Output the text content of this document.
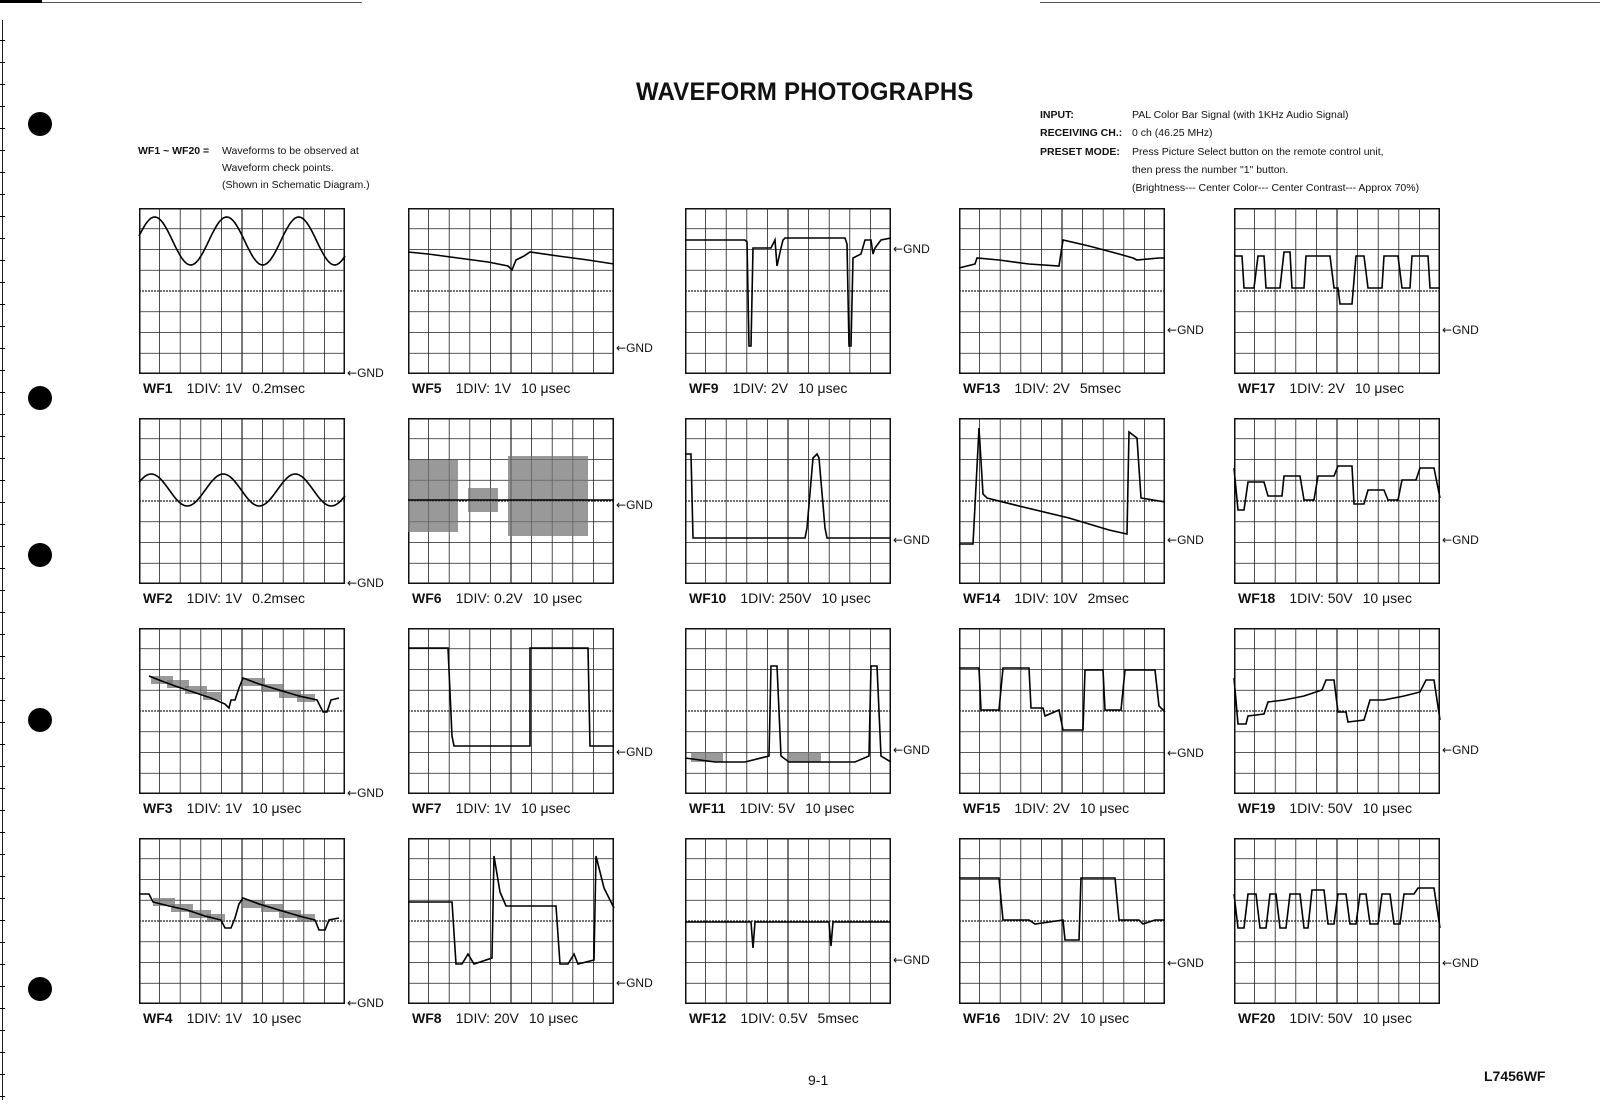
WAVEFORM PHOTOGRAPHS
INPUT:	PAL Color Bar Signal (with 1KHz Audio Signal)
RECEIVING CH.: 0 ch (46.25 MHz)
PRESET MODE:	Press Picture Select button on the remote control unit,
then press the number "1" button.
(Brightness--- Center Color--- Center Contrast--- Approx 70%)
WF1 ~ WF20 =	Waveforms to be observed at
Waveform check points.
(Shown in Schematic Diagram.)
←GND
WF1 1DIV: 1V 0.2msec
←GND
WF2 1DIV: 1V 0.2msec
←GND
WF3 1DIV: 1V 10 μsec
←GND
WF4 1DIV: 1V 10 μsec
←GND
WF5 1DIV: 1V 10 μsec
←GND
WF6 1DIV: 0.2V 10 μsec
←GND
WF7 1DIV: 1V 10 μsec
←GND
WF8 1DIV: 20V 10 μsec
←GND
WF9 1DIV: 2V 10 μsec
←GND
WF10 1DIV: 250V 10 μsec
←GND
WF11 1DIV: 5V 10 μsec
←GND
WF12 1DIV: 0.5V 5msec
←GND
WF13 1DIV: 2V 5msec
←GND
WF14 1DIV: 10V 2msec
←GND
WF15 1DIV: 2V 10 μsec
←GND
WF16 1DIV: 2V 10 μsec
←GND
WF17 1DIV: 2V 10 μsec
←GND
WF18 1DIV: 50V 10 μsec
←GND
WF19 1DIV: 50V 10 μsec
←GND
WF20 1DIV: 50V 10 μsec
9-1	L7456WF
